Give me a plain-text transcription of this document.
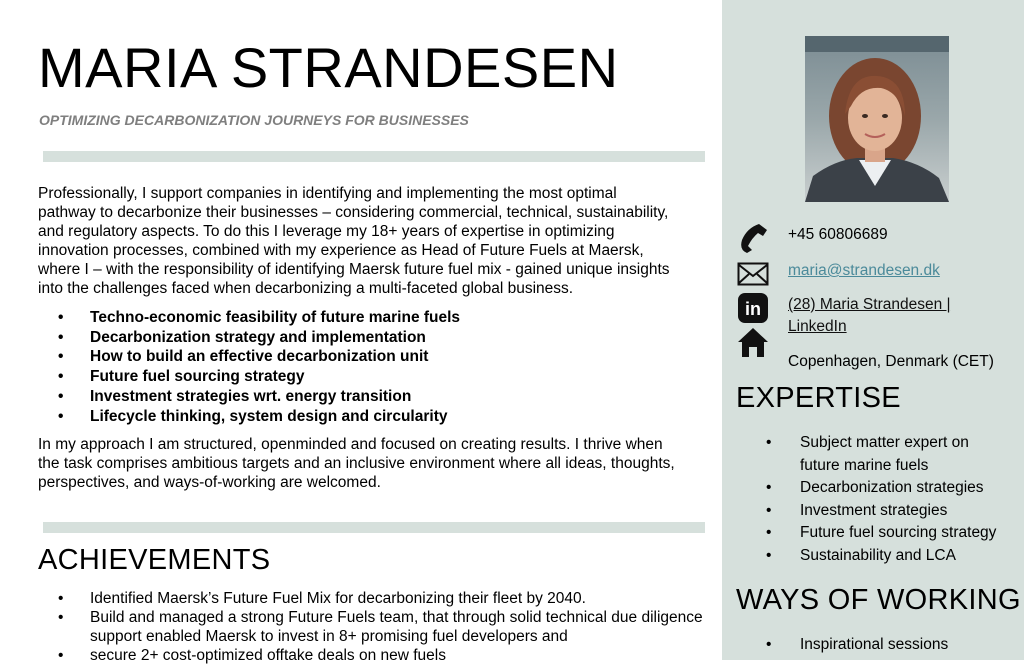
MARIA STRANDESEN
OPTIMIZING DECARBONIZATION JOURNEYS FOR BUSINESSES
Professionally, I support companies in identifying and implementing the most optimal
pathway to decarbonize their businesses – considering commercial, technical, sustainability,
and regulatory aspects. To do this I leverage my 18+ years of expertise in optimizing
innovation processes, combined with my experience as Head of Future Fuels at Maersk,
where I – with the responsibility of identifying Maersk future fuel mix - gained unique insights
into the challenges faced when decarbonizing a multi-faceted global business.
• Techno-economic feasibility of future marine fuels
• Decarbonization strategy and implementation
• How to build an effective decarbonization unit
• Future fuel sourcing strategy
• Investment strategies wrt. energy transition
• Lifecycle thinking, system design and circularity
In my approach I am structured, openminded and focused on creating results. I thrive when
the task comprises ambitious targets and an inclusive environment where all ideas, thoughts,
perspectives, and ways-of-working are welcomed.
ACHIEVEMENTS
• Identified Maersk’s Future Fuel Mix for decarbonizing their fleet by 2040.
• Build and managed a strong Future Fuels team, that through solid technical due diligence
support enabled Maersk to invest in 8+ promising fuel developers and
• secure 2+ cost-optimized offtake deals on new fuels
+45 60806689
maria@strandesen.dk
in (28) Maria Strandesen |
LinkedIn
Copenhagen, Denmark (CET)
EXPERTISE
• Subject matter expert on
future marine fuels
• Decarbonization strategies
• Investment strategies
• Future fuel sourcing strategy
• Sustainability and LCA
WAYS OF WORKING
• Inspirational sessions
